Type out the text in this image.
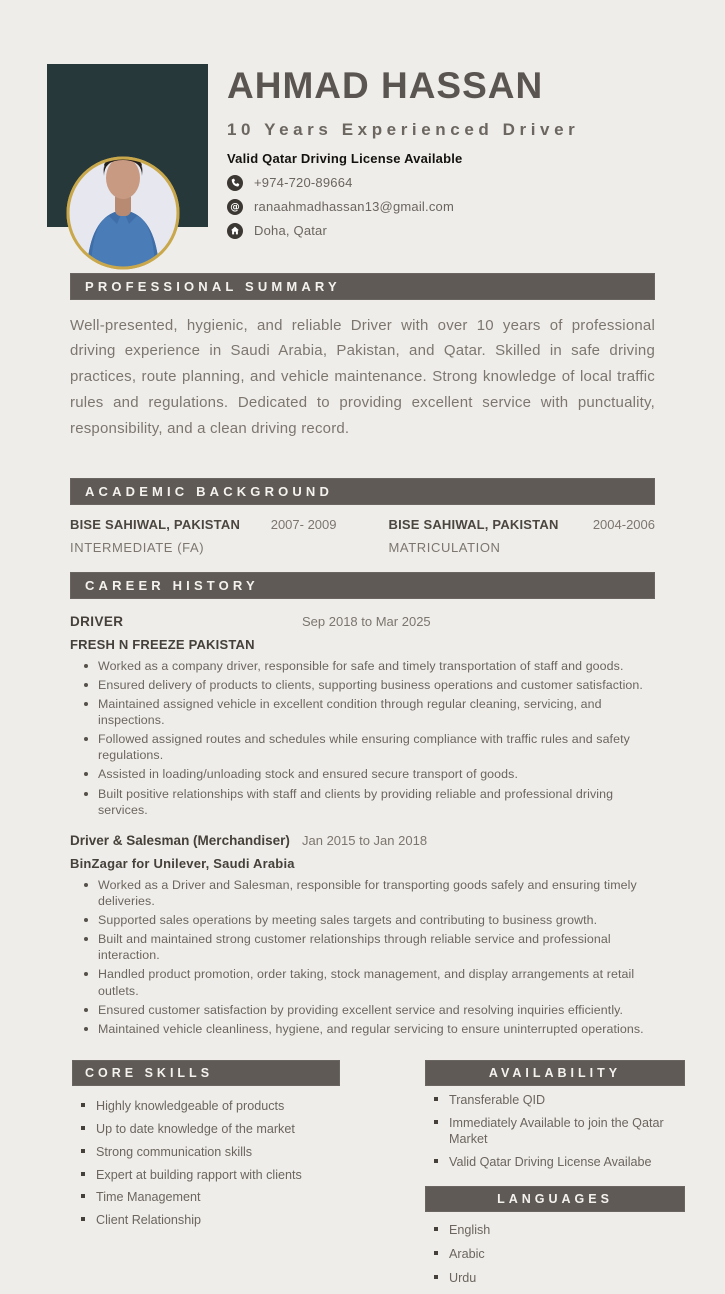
AHMAD HASSAN
10 Years Experienced Driver
Valid Qatar Driving License Available
+974-720-89664
@ ranaahmadhassan13@gmail.com
Doha, Qatar
PROFESSIONAL SUMMARY

Well-presented, hygienic, and reliable Driver with over 10 years of professional driving experience in Saudi Arabia, Pakistan, and Qatar. Skilled in safe driving practices, route planning, and vehicle maintenance. Strong knowledge of local traffic rules and regulations. Dedicated to providing excellent service with punctuality, responsibility, and a clean driving record.

ACADEMIC BACKGROUND
BISE SAHIWAL, PAKISTAN 2007- 2009
INTERMEDIATE (FA)
BISE SAHIWAL, PAKISTAN	2004-2006
MATRICULATION
CAREER HISTORY
DRIVER	Sep 2018 to Mar 2025
FRESH N FREEZE PAKISTAN
Worked as a company driver, responsible for safe and timely transportation of staff and goods.
Ensured delivery of products to clients, supporting business operations and customer satisfaction.
Maintained assigned vehicle in excellent condition through regular cleaning, servicing, and inspections.
Followed assigned routes and schedules while ensuring compliance with traffic rules and safety regulations.
Assisted in loading/unloading stock and ensured secure transport of goods.
Built positive relationships with staff and clients by providing reliable and professional driving services.
Driver & Salesman (Merchandiser) Jan 2015 to Jan 2018
BinZagar for Unilever, Saudi Arabia
Worked as a Driver and Salesman, responsible for transporting goods safely and ensuring timely deliveries.
Supported sales operations by meeting sales targets and contributing to business growth.
Built and maintained strong customer relationships through reliable service and professional interaction.
Handled product promotion, order taking, stock management, and display arrangements at retail outlets.
Ensured customer satisfaction by providing excellent service and resolving inquiries efficiently.
Maintained vehicle cleanliness, hygiene, and regular servicing to ensure uninterrupted operations.
CORE SKILLS
Highly knowledgeable of products
Up to date knowledge of the market
Strong communication skills
Expert at building rapport with clients
Time Management
Client Relationship
AVAILABILITY
Transferable QID
Immediately Available to join the Qatar Market
Valid Qatar Driving License Availabe
LANGUAGES
English
Arabic
Urdu
